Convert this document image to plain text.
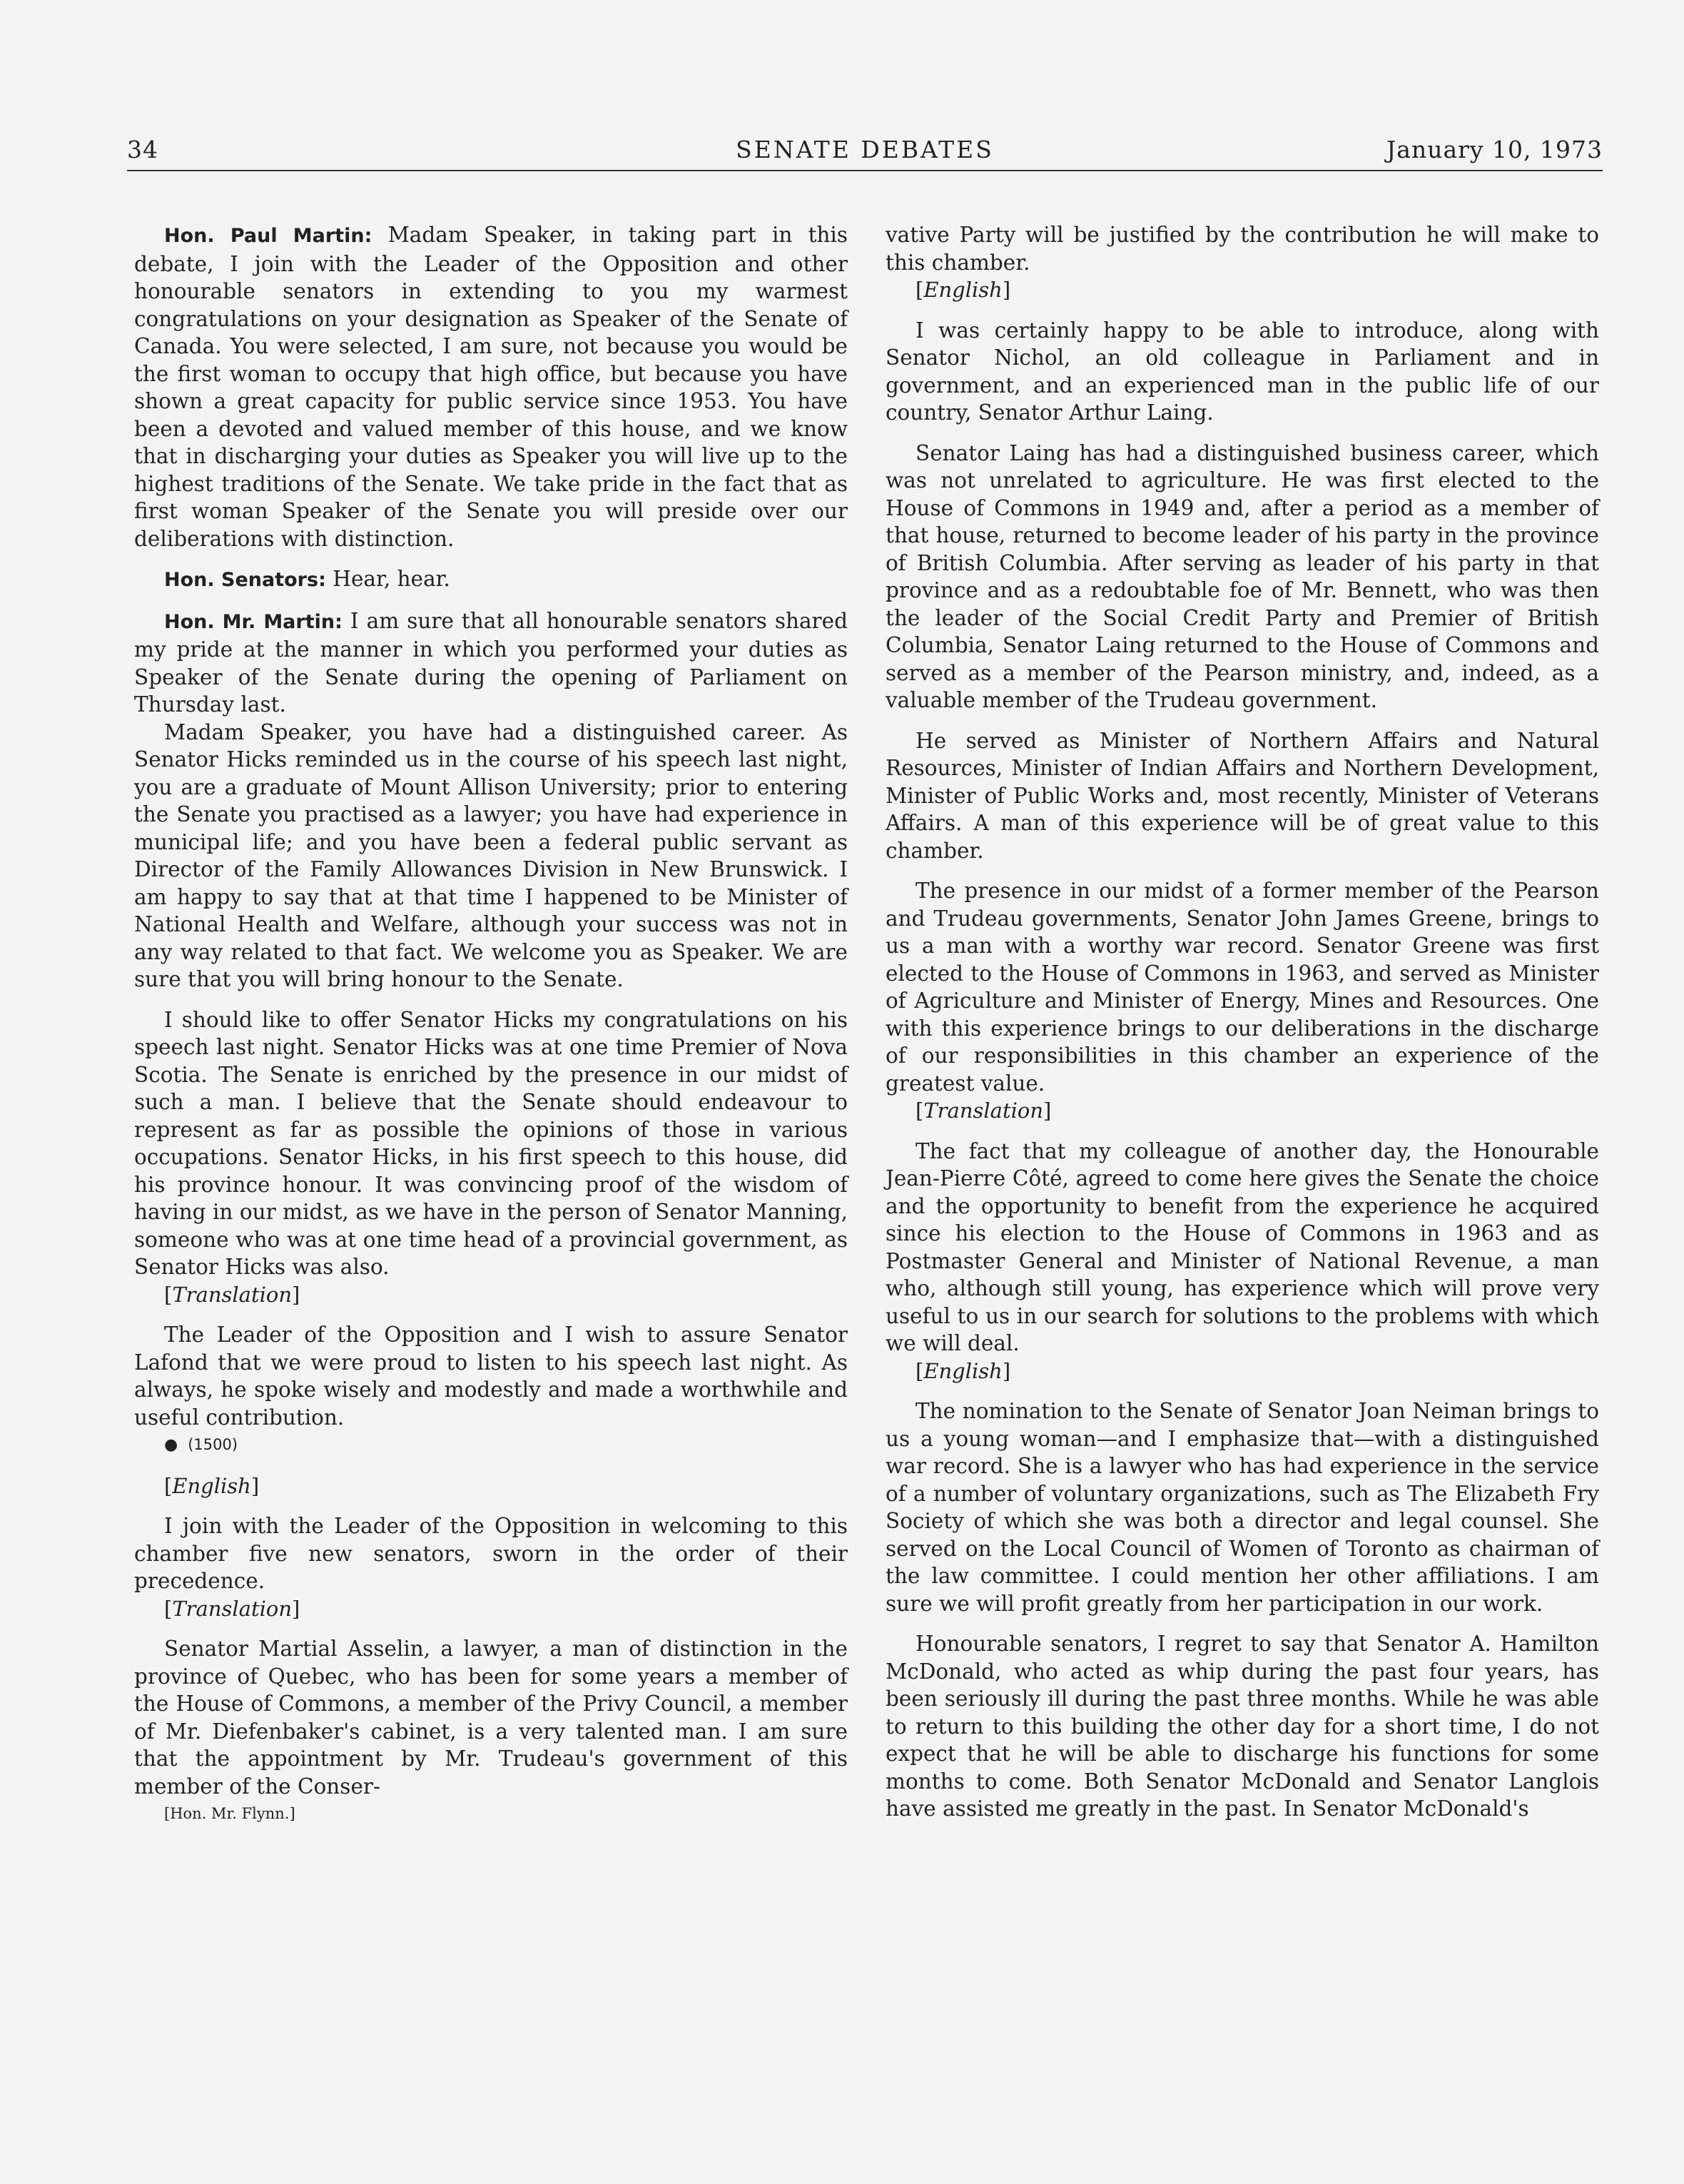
34	SENATE DEBATES	January 10, 1973

Hon. Paul Martin: Madam Speaker, in taking part in this debate, I join with the Leader of the Opposition and other honourable senators in extending to you my warmest congratulations on your designation as Speaker of the Senate of Canada. You were selected, I am sure, not because you would be the first woman to occupy that high office, but because you have shown a great capacity for public service since 1953. You have been a devoted and valued member of this house, and we know that in discharging your duties as Speaker you will live up to the highest traditions of the Senate. We take pride in the fact that as first woman Speaker of the Senate you will preside over our deliberations with distinction.

Hon. Senators: Hear, hear.

Hon. Mr. Martin: I am sure that all honourable senators shared my pride at the manner in which you performed your duties as Speaker of the Senate during the opening of Parliament on Thursday last.

Madam Speaker, you have had a distinguished career. As Senator Hicks reminded us in the course of his speech last night, you are a graduate of Mount Allison University; prior to entering the Senate you practised as a lawyer; you have had experience in municipal life; and you have been a federal public servant as Director of the Family Allowances Division in New Brunswick. I am happy to say that at that time I happened to be Minister of National Health and Welfare, although your success was not in any way related to that fact. We welcome you as Speaker. We are sure that you will bring honour to the Senate.

I should like to offer Senator Hicks my congratulations on his speech last night. Senator Hicks was at one time Premier of Nova Scotia. The Senate is enriched by the presence in our midst of such a man. I believe that the Senate should endeavour to represent as far as possible the opinions of those in various occupations. Senator Hicks, in his first speech to this house, did his province honour. It was convincing proof of the wisdom of having in our midst, as we have in the person of Senator Manning, someone who was at one time head of a provincial government, as Senator Hicks was also.

[Translation]

The Leader of the Opposition and I wish to assure Senator Lafond that we were proud to listen to his speech last night. As always, he spoke wisely and modestly and made a worthwhile and useful contribution.

● (1500)

[English]

I join with the Leader of the Opposition in welcoming to this chamber five new senators, sworn in the order of their precedence.

[Translation]

Senator Martial Asselin, a lawyer, a man of distinction in the province of Quebec, who has been for some years a member of the House of Commons, a member of the Privy Council, a member of Mr. Diefenbaker's cabinet, is a very talented man. I am sure that the appointment by Mr. Trudeau's government of this member of the Conser-

[Hon. Mr. Flynn.]

vative Party will be justified by the contribution he will make to this chamber.

[English]

I was certainly happy to be able to introduce, along with Senator Nichol, an old colleague in Parliament and in government, and an experienced man in the public life of our country, Senator Arthur Laing.

Senator Laing has had a distinguished business career, which was not unrelated to agriculture. He was first elected to the House of Commons in 1949 and, after a period as a member of that house, returned to become leader of his party in the province of British Columbia. After serving as leader of his party in that province and as a redoubtable foe of Mr. Bennett, who was then the leader of the Social Credit Party and Premier of British Columbia, Senator Laing returned to the House of Commons and served as a member of the Pearson ministry, and, indeed, as a valuable member of the Trudeau government.

He served as Minister of Northern Affairs and Natural Resources, Minister of Indian Affairs and Northern Development, Minister of Public Works and, most recently, Minister of Veterans Affairs. A man of this experience will be of great value to this chamber.

The presence in our midst of a former member of the Pearson and Trudeau governments, Senator John James Greene, brings to us a man with a worthy war record. Senator Greene was first elected to the House of Commons in 1963, and served as Minister of Agriculture and Minister of Energy, Mines and Resources. One with this experience brings to our deliberations in the discharge of our responsibilities in this chamber an experience of the greatest value.

[Translation]

The fact that my colleague of another day, the Honourable Jean-Pierre Côté, agreed to come here gives the Senate the choice and the opportunity to benefit from the experience he acquired since his election to the House of Commons in 1963 and as Postmaster General and Minister of National Revenue, a man who, although still young, has experience which will prove very useful to us in our search for solutions to the problems with which we will deal.

[English]

The nomination to the Senate of Senator Joan Neiman brings to us a young woman—and I emphasize that—with a distinguished war record. She is a lawyer who has had experience in the service of a number of voluntary organizations, such as The Elizabeth Fry Society of which she was both a director and legal counsel. She served on the Local Council of Women of Toronto as chairman of the law committee. I could mention her other affiliations. I am sure we will profit greatly from her participation in our work.

Honourable senators, I regret to say that Senator A. Hamilton McDonald, who acted as whip during the past four years, has been seriously ill during the past three months. While he was able to return to this building the other day for a short time, I do not expect that he will be able to discharge his functions for some months to come. Both Senator McDonald and Senator Langlois have assisted me greatly in the past. In Senator McDonald's
